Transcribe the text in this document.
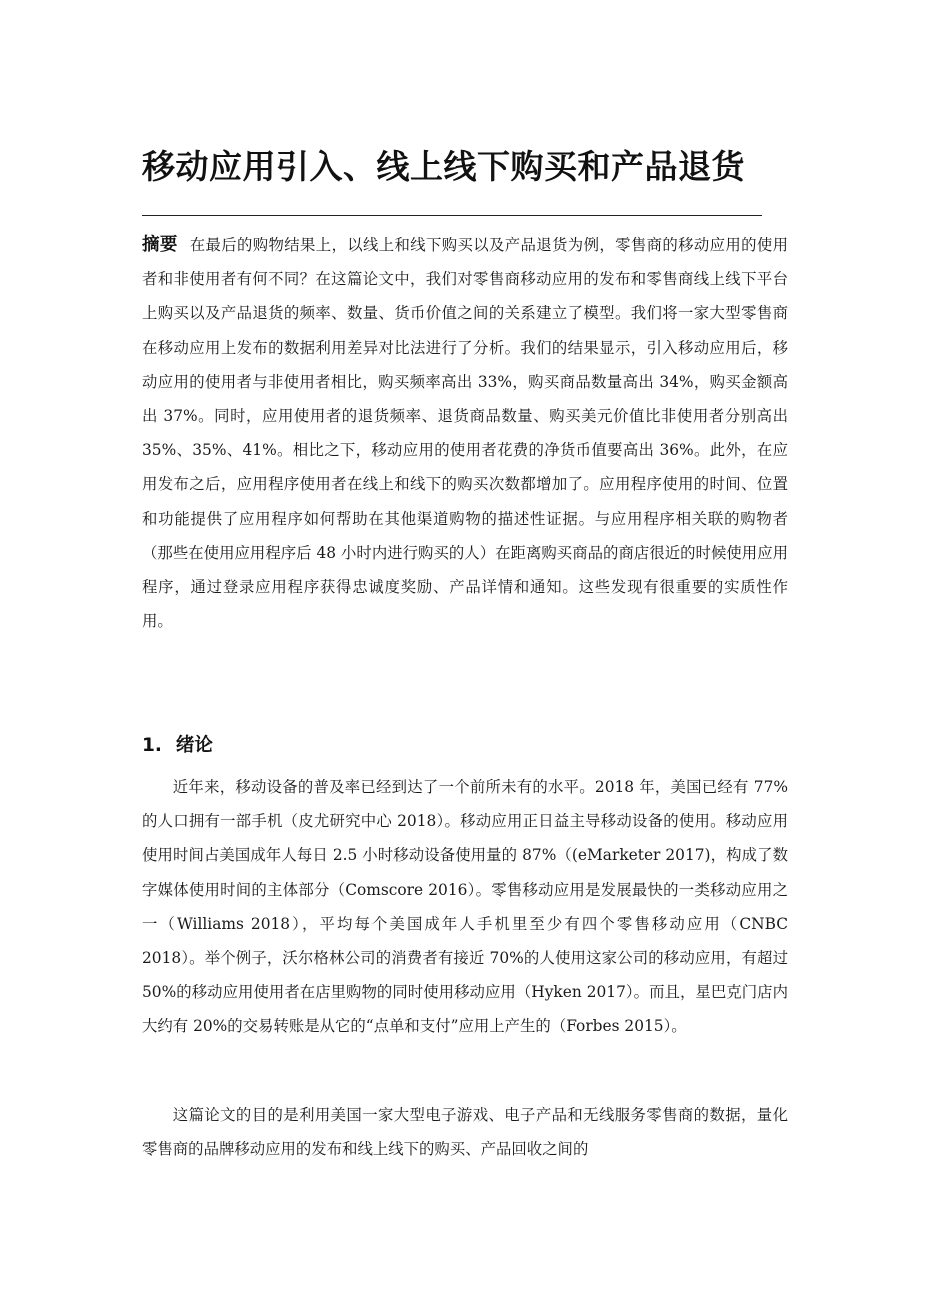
移动应用引入、线上线下购买和产品退货

摘要 在最后的购物结果上，以线上和线下购买以及产品退货为例，零售商的移动应用的使用者和非使用者有何不同？在这篇论文中，我们对零售商移动应用的发布和零售商线上线下平台上购买以及产品退货的频率、数量、货币价值之间的关系建立了模型。我们将一家大型零售商在移动应用上发布的数据利用差异对比法进行了分析。我们的结果显示，引入移动应用后，移动应用的使用者与非使用者相比，购买频率高出 33%，购买商品数量高出 34%，购买金额高出 37%。同时，应用使用者的退货频率、退货商品数量、购买美元价值比非使用者分别高出 35%、35%、41%。相比之下，移动应用的使用者花费的净货币值要高出 36%。此外，在应用发布之后，应用程序使用者在线上和线下的购买次数都增加了。应用程序使用的时间、位置和功能提供了应用程序如何帮助在其他渠道购物的描述性证据。与应用程序相关联的购物者（那些在使用应用程序后 48 小时内进行购买的人）在距离购买商品的商店很近的时候使用应用程序，通过登录应用程序获得忠诚度奖励、产品详情和通知。这些发现有很重要的实质性作用。

1. 绪论

近年来，移动设备的普及率已经到达了一个前所未有的水平。2018 年，美国已经有 77%的人口拥有一部手机（皮尤研究中心 2018）。移动应用正日益主导移动设备的使用。移动应用使用时间占美国成年人每日 2.5 小时移动设备使用量的 87%（(eMarketer 2017)，构成了数字媒体使用时间的主体部分（Comscore 2016）。零售移动应用是发展最快的一类移动应用之一（Williams 2018），平均每个美国成年人手机里至少有四个零售移动应用（CNBC 2018）。举个例子，沃尔格林公司的消费者有接近 70%的人使用这家公司的移动应用，有超过 50%的移动应用使用者在店里购物的同时使用移动应用（Hyken 2017）。而且，星巴克门店内大约有 20%的交易转账是从它的“点单和支付”应用上产生的（Forbes 2015）。

这篇论文的目的是利用美国一家大型电子游戏、电子产品和无线服务零售商的数据，量化零售商的品牌移动应用的发布和线上线下的购买、产品回收之间的
